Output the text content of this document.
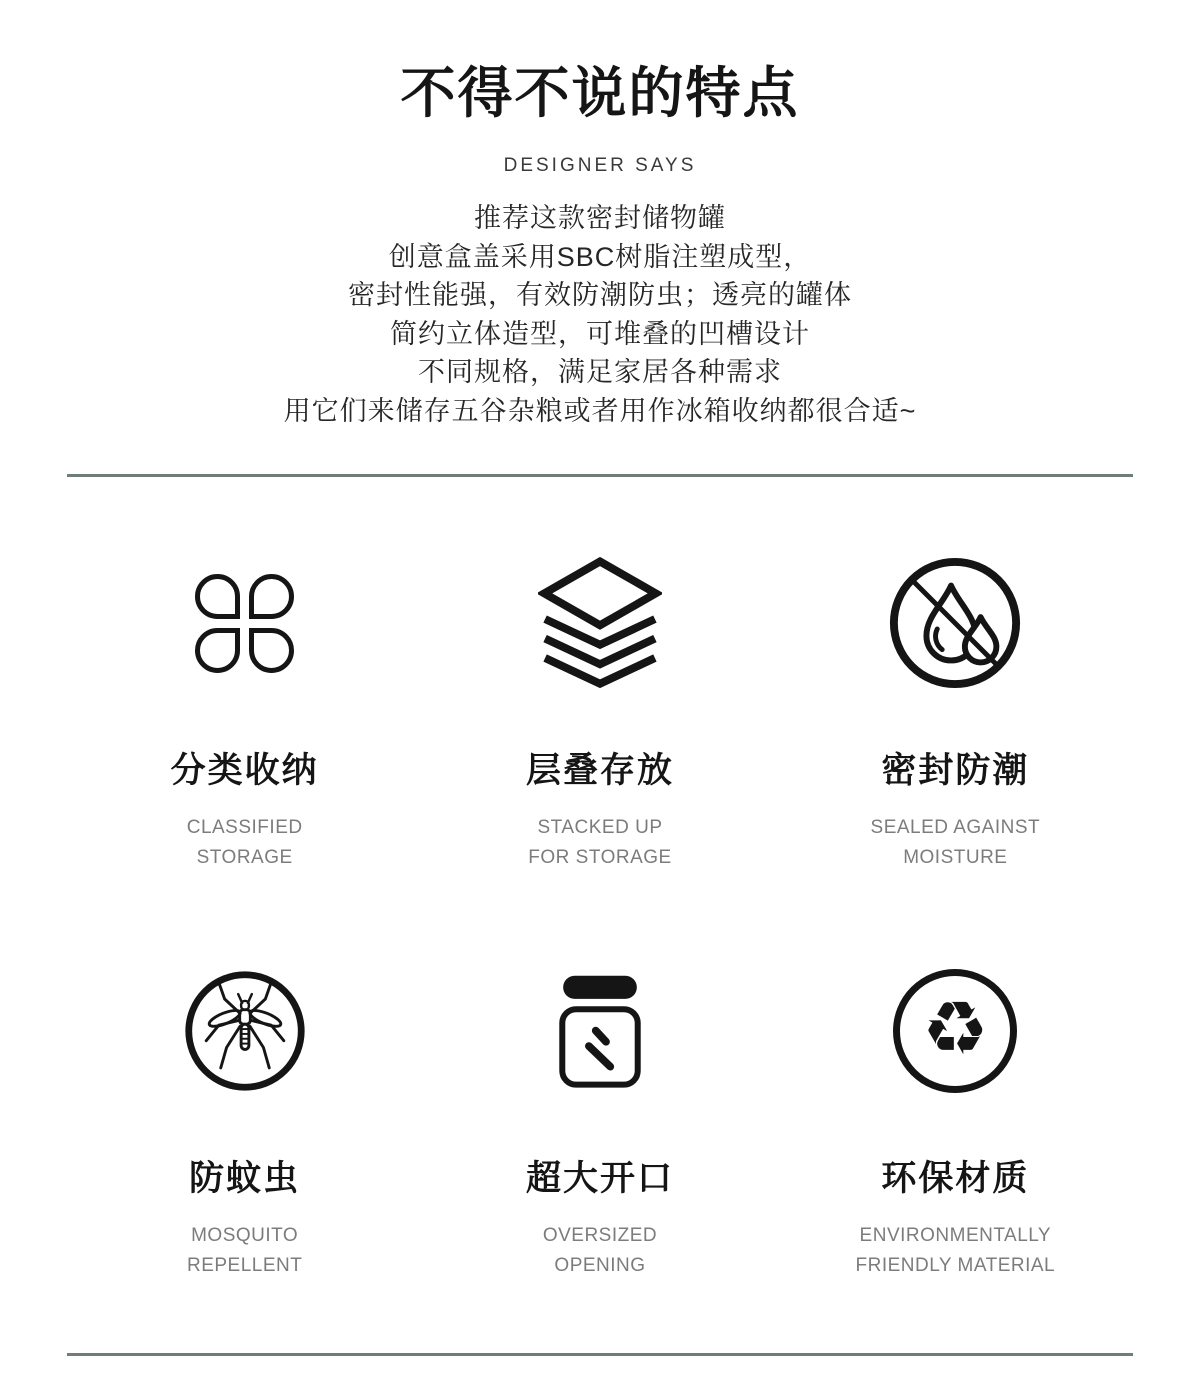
不得不说的特点
DESIGNER SAYS
推荐这款密封储物罐
创意盒盖采用SBC树脂注塑成型，
密封性能强，有效防潮防虫；透亮的罐体
简约立体造型，可堆叠的凹槽设计
不同规格，满足家居各种需求
用它们来储存五谷杂粮或者用作冰箱收纳都很合适~
分类收纳
CLASSIFIED
STORAGE
层叠存放
STACKED UP
FOR STORAGE
密封防潮
SEALED AGAINST
MOISTURE
防蚊虫
MOSQUITO
REPELLENT
超大开口
OVERSIZED
OPENING
♻
环保材质
ENVIRONMENTALLY
FRIENDLY MATERIAL
